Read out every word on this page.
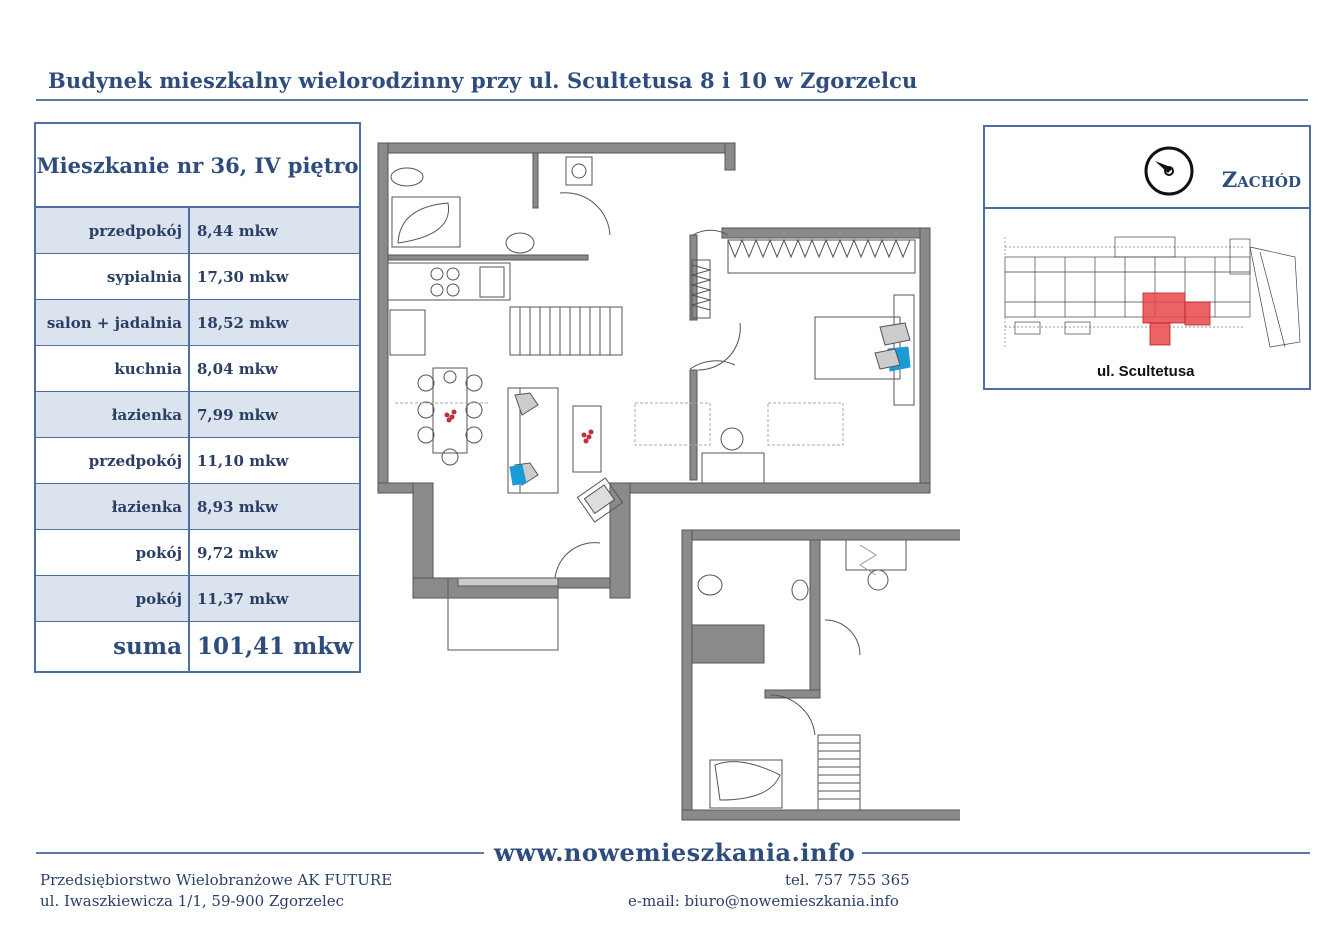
Budynek mieszkalny wielorodzinny przy ul. Scultetusa 8 i 10 w Zgorzelcu
Mieszkanie nr 36, IV piętro
przedpokój	8,44 mkw
sypialnia	17,30 mkw
salon + jadalnia	18,52 mkw
kuchnia	8,04 mkw
łazienka	7,99 mkw
przedpokój	11,10 mkw
łazienka	8,93 mkw
pokój	9,72 mkw
pokój	11,37 mkw
suma 101,41 mkw
Zachód
ul. Scultetusa
www.nowemieszkania.info
Przedsiębiorstwo Wielobranżowe AK FUTURE
ul. Iwaszkiewicza 1/1, 59-900 Zgorzelec
tel. 757 755 365
e-mail: biuro@nowemieszkania.info
